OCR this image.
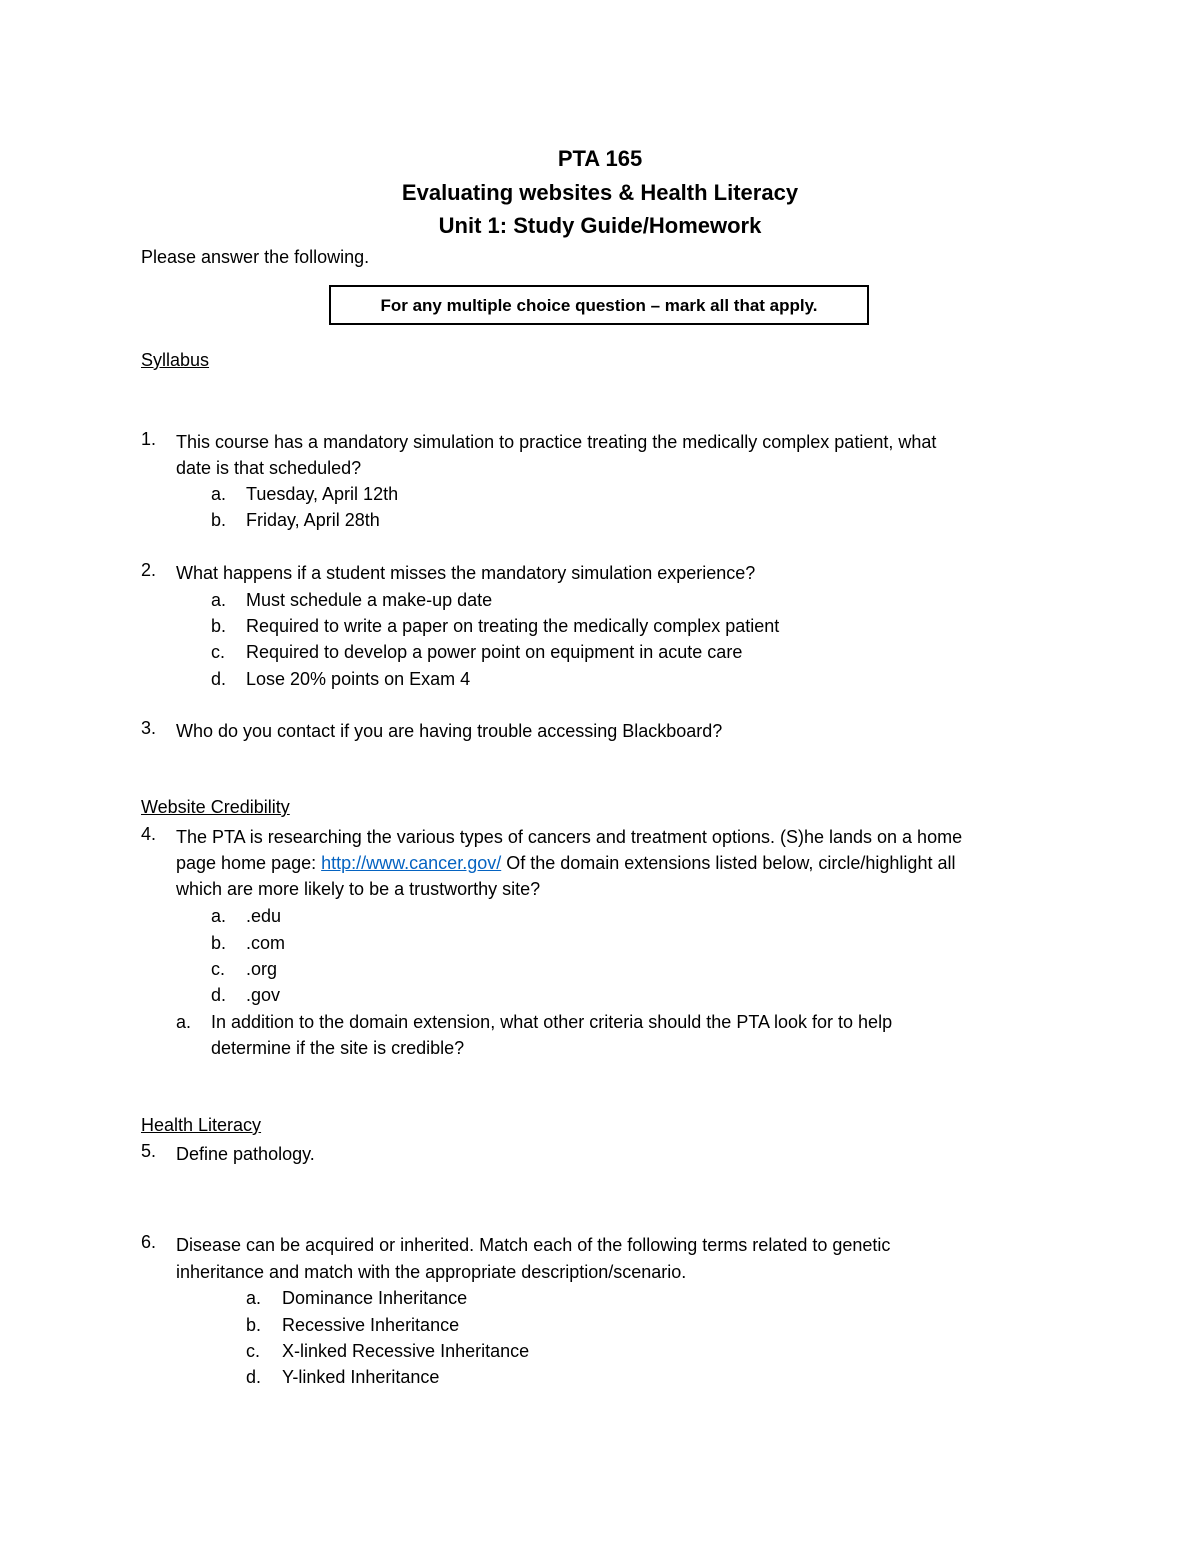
PTA 165
Evaluating websites & Health Literacy
Unit 1: Study Guide/Homework
Please answer the following.
For any multiple choice question – mark all that apply.
Syllabus
1. This course has a mandatory simulation to practice treating the medically complex patient, what
date is that scheduled?
a. Tuesday, April 12th
b. Friday, April 28th
2. What happens if a student misses the mandatory simulation experience?
a. Must schedule a make-up date
b. Required to write a paper on treating the medically complex patient
c. Required to develop a power point on equipment in acute care
d. Lose 20% points on Exam 4
3. Who do you contact if you are having trouble accessing Blackboard?
Website Credibility
4. The PTA is researching the various types of cancers and treatment options. (S)he lands on a home
page home page: http://www.cancer.gov/ Of the domain extensions listed below, circle/highlight all
which are more likely to be a trustworthy site?
a. .edu
b. .com
c. .org
d. .gov
a. In addition to the domain extension, what other criteria should the PTA look for to help
determine if the site is credible?
Health Literacy
5. Define pathology.
6. Disease can be acquired or inherited. Match each of the following terms related to genetic
inheritance and match with the appropriate description/scenario.
a. Dominance Inheritance
b. Recessive Inheritance
c. X-linked Recessive Inheritance
d. Y-linked Inheritance
